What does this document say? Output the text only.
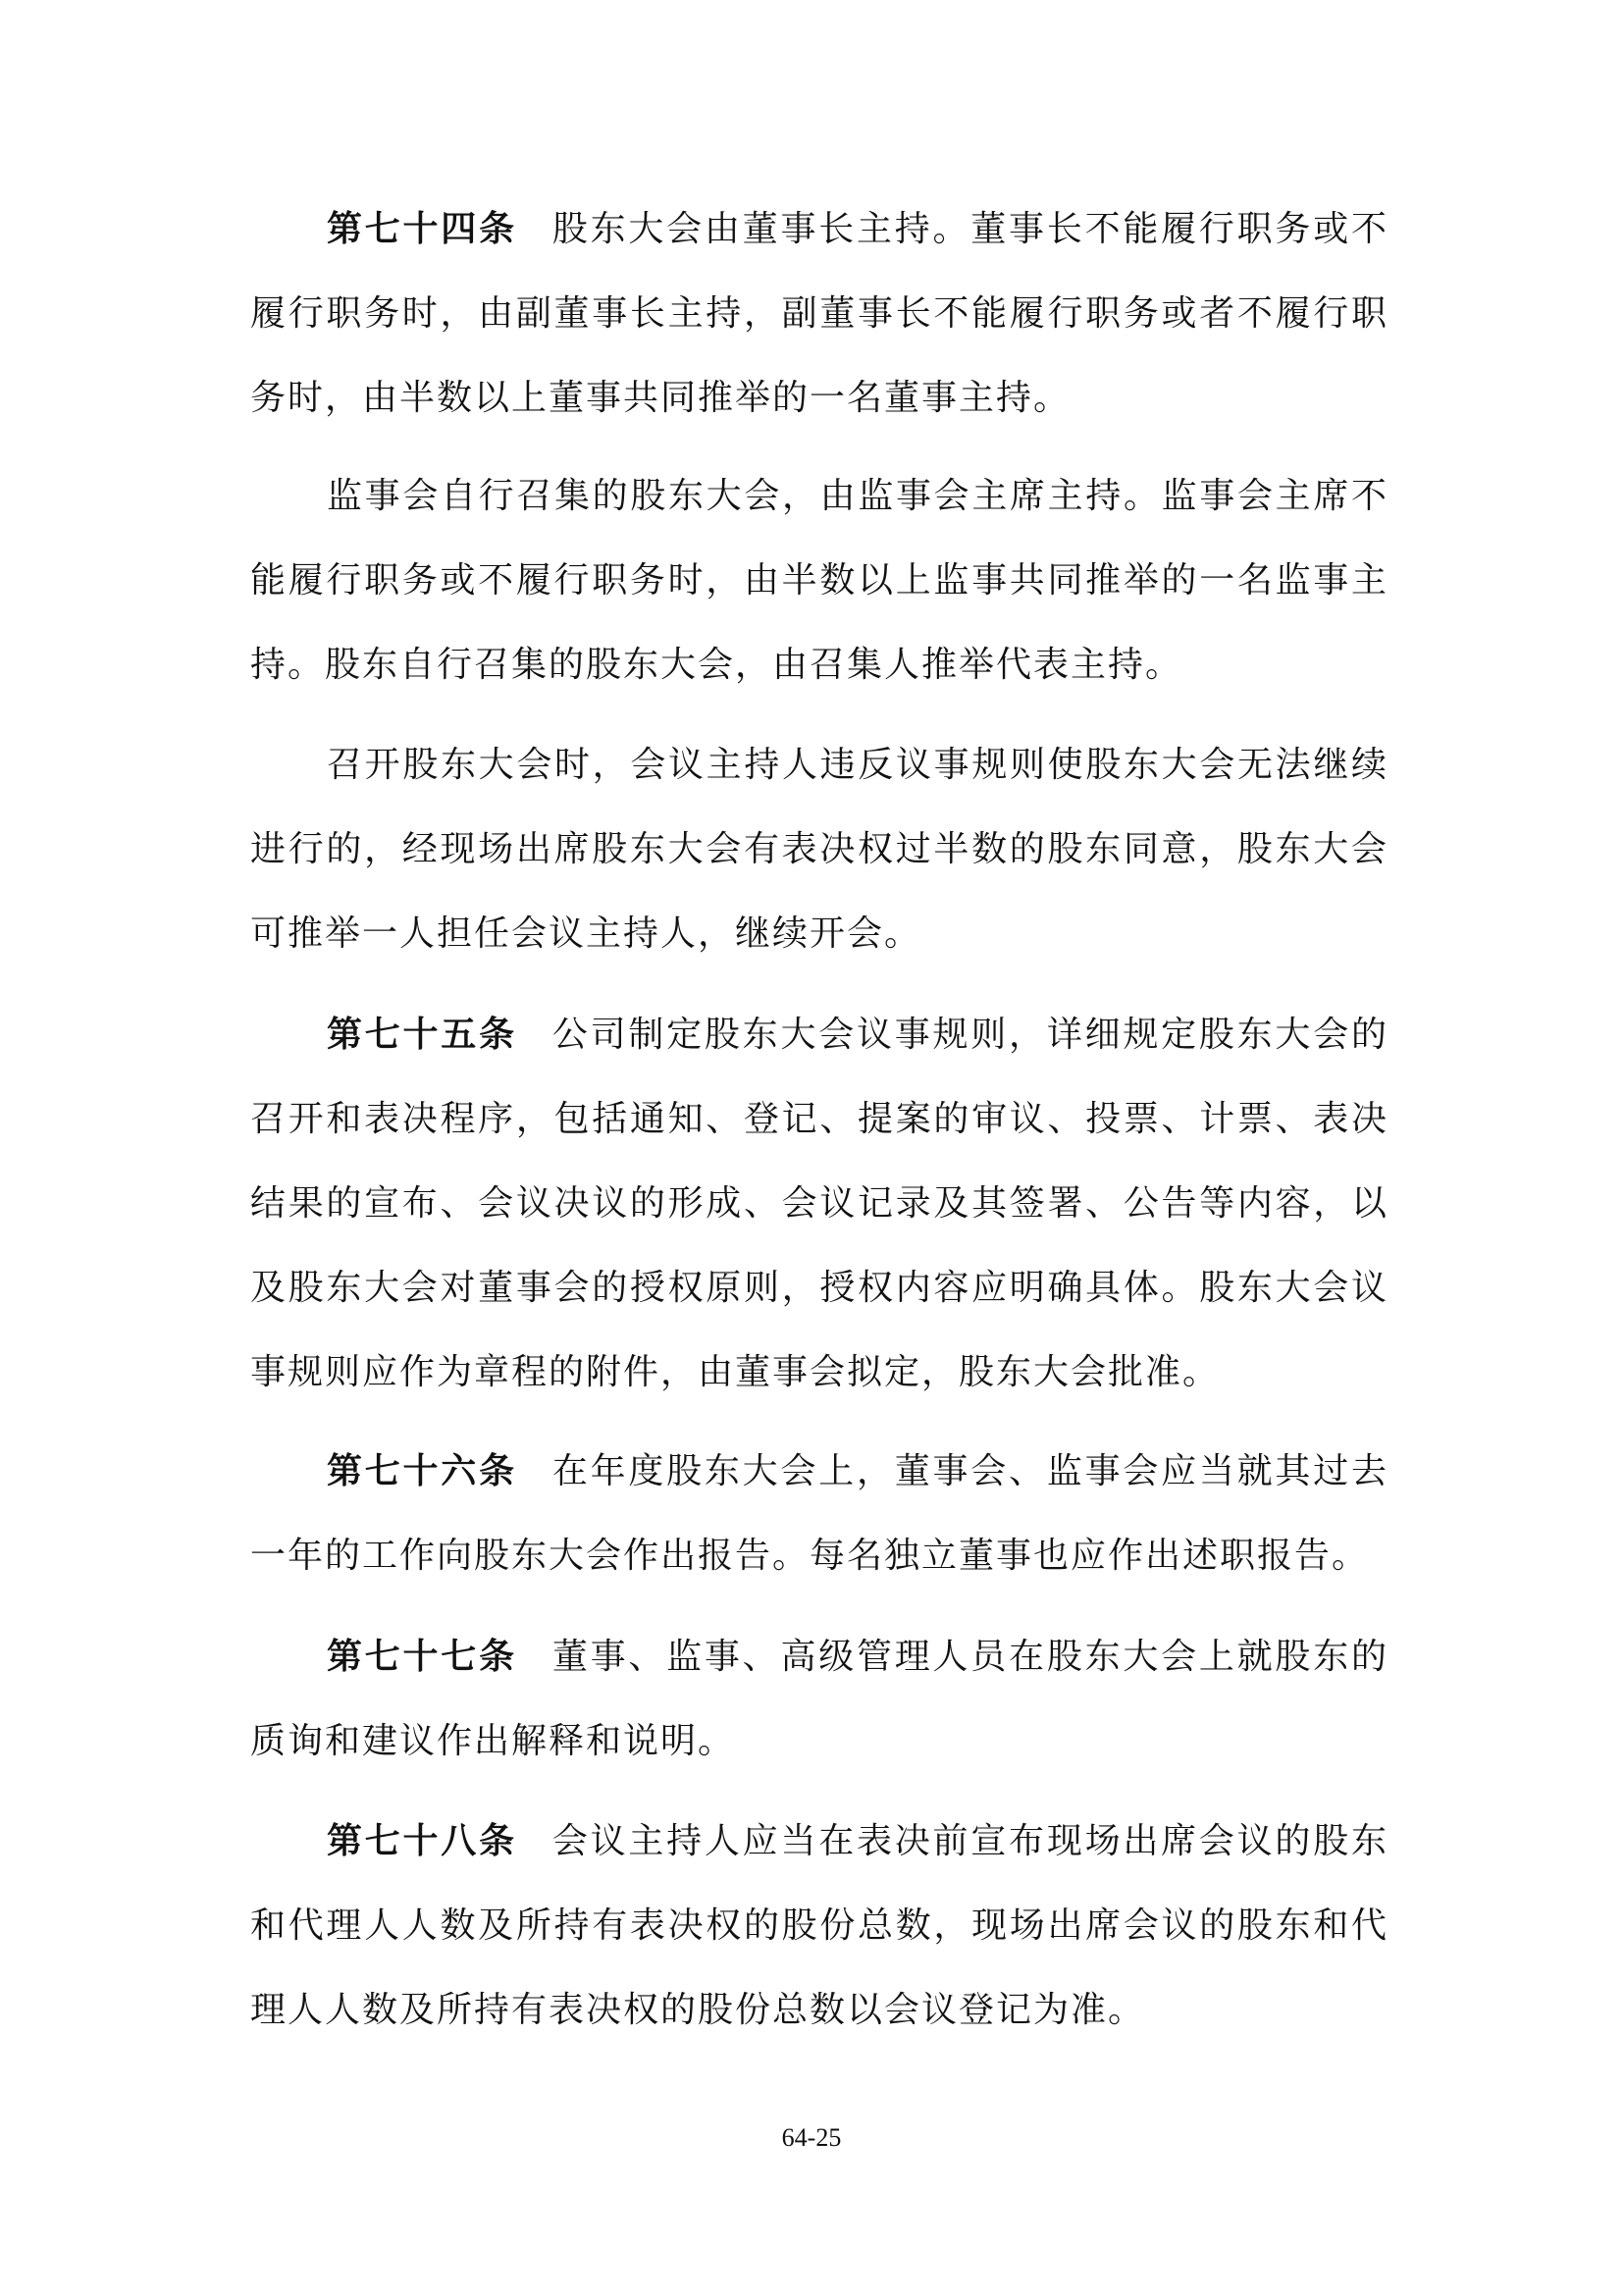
第七十四条 股东大会由董事长主持。董事长不能履行职务或不履行职务时，由副董事长主持，副董事长不能履行职务或者不履行职务时，由半数以上董事共同推举的一名董事主持。

监事会自行召集的股东大会，由监事会主席主持。监事会主席不能履行职务或不履行职务时，由半数以上监事共同推举的一名监事主持。股东自行召集的股东大会，由召集人推举代表主持。

召开股东大会时，会议主持人违反议事规则使股东大会无法继续进行的，经现场出席股东大会有表决权过半数的股东同意，股东大会可推举一人担任会议主持人，继续开会。

第七十五条 公司制定股东大会议事规则，详细规定股东大会的召开和表决程序，包括通知、登记、提案的审议、投票、计票、表决结果的宣布、会议决议的形成、会议记录及其签署、公告等内容，以及股东大会对董事会的授权原则，授权内容应明确具体。股东大会议事规则应作为章程的附件，由董事会拟定，股东大会批准。

第七十六条 在年度股东大会上，董事会、监事会应当就其过去一年的工作向股东大会作出报告。每名独立董事也应作出述职报告。

第七十七条 董事、监事、高级管理人员在股东大会上就股东的质询和建议作出解释和说明。

第七十八条 会议主持人应当在表决前宣布现场出席会议的股东和代理人人数及所持有表决权的股份总数，现场出席会议的股东和代理人人数及所持有表决权的股份总数以会议登记为准。

64-25
